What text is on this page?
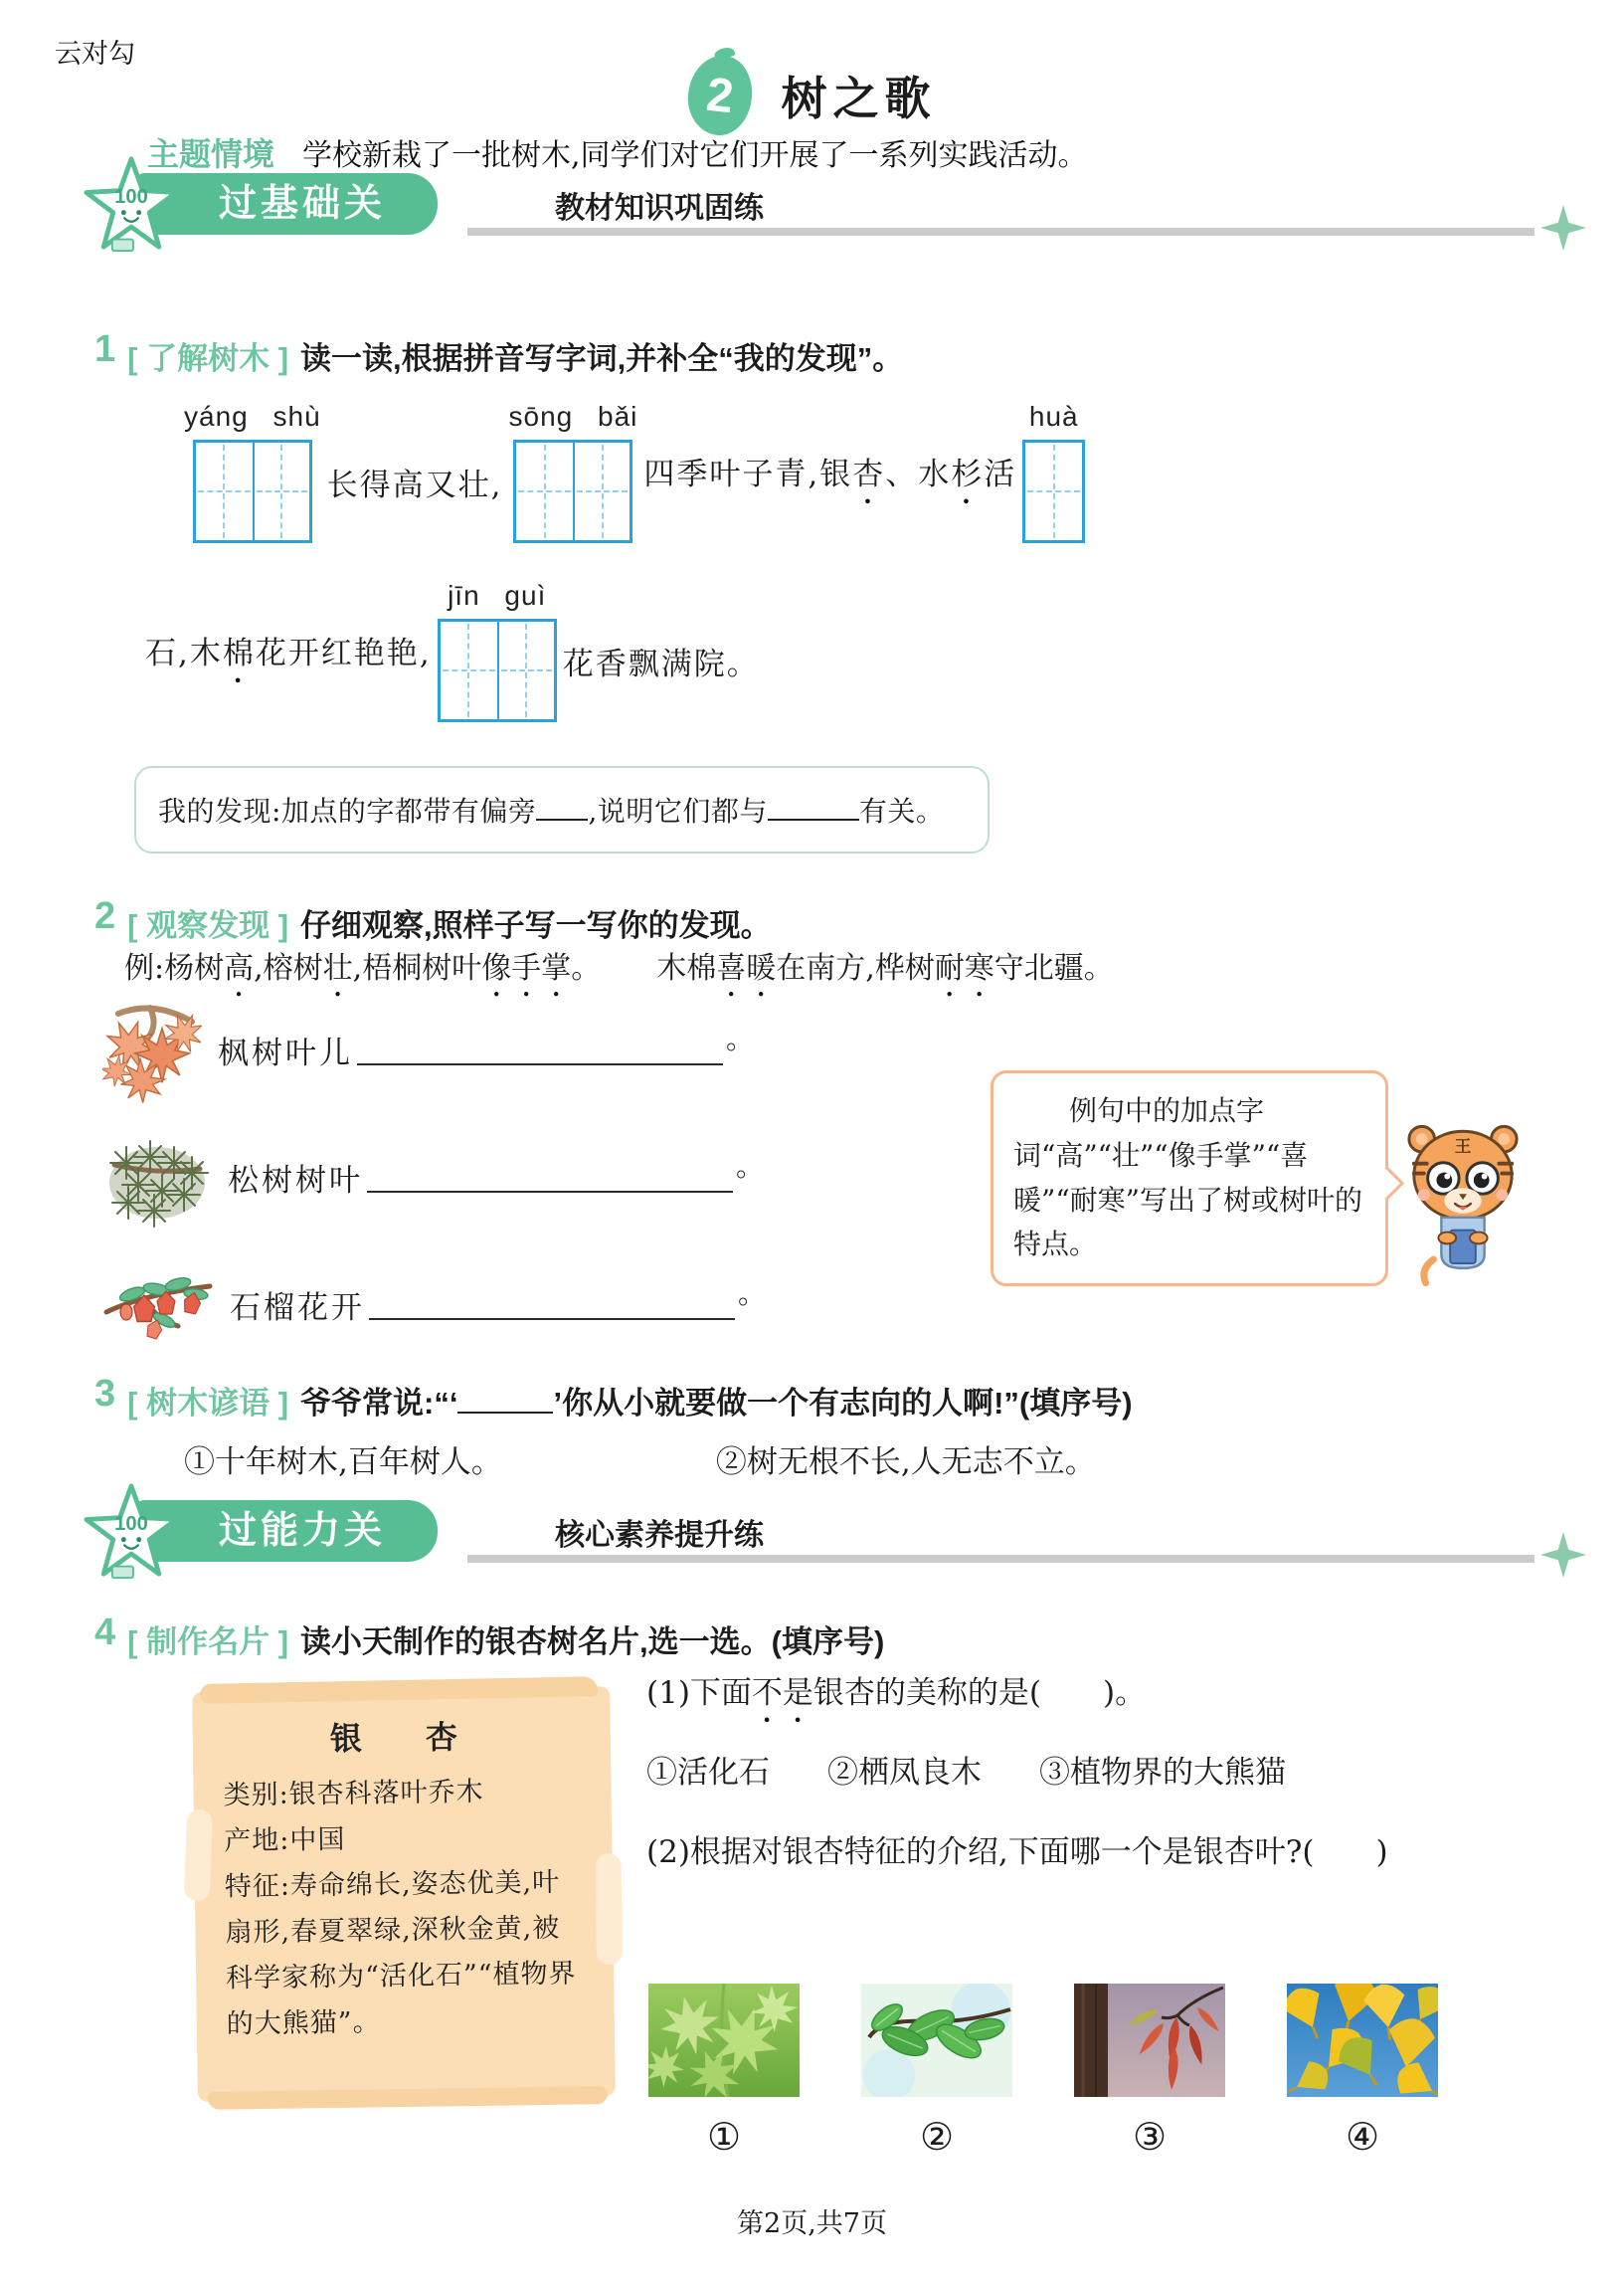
云对勾
2 树之歌
主题情境 学校新栽了一批树木,同学们对它们开展了一系列实践活动。
100	过基础关	教材知识巩固练
1 [ 了解树木 ] 读一读,根据拼音写字词,并补全“我的发现”。
yáng shù
长得高又壮,
sōng bǎi
四季叶子青,银杏、水杉活
huà
石,木棉花开红艳艳,
jīn guì
花香飘满院。
我的发现:加点的字都带有偏旁 ,说明它们都与	有关。
2 [ 观察发现 ] 仔细观察,照样子写一写你的发现。
例:杨树高,榕树壮,梧桐树叶像手掌。 木棉喜暖在南方,桦树耐寒守北疆。
枫树叶儿	。
松树树叶	。
石榴花开	。
例句中的加点字词“高”“壮”“像手掌”“喜暖”“耐寒”写出了树或树叶的特点。
王
3 [ 树木谚语 ] 爷爷常说:“‘	’你从小就要做一个有志向的人啊!”(填序号)
①十年树木,百年树人。	②树无根不长,人无志不立。
100	过能力关	核心素养提升练
4 [ 制作名片 ] 读小天制作的银杏树名片,选一选。(填序号)
银　杏
类别:银杏科落叶乔木
产地:中国
特征:寿命绵长,姿态优美,叶扇形,春夏翠绿,深秋金黄,被科学家称为“活化石”“植物界的大熊猫”。

(1)下面不是银杏的美称的是(　　)。

①活化石 ②栖凤良木 ③植物界的大熊猫

(2)根据对银杏特征的介绍,下面哪一个是银杏叶?(　　)

①	②	③	④
第2页,共7页
